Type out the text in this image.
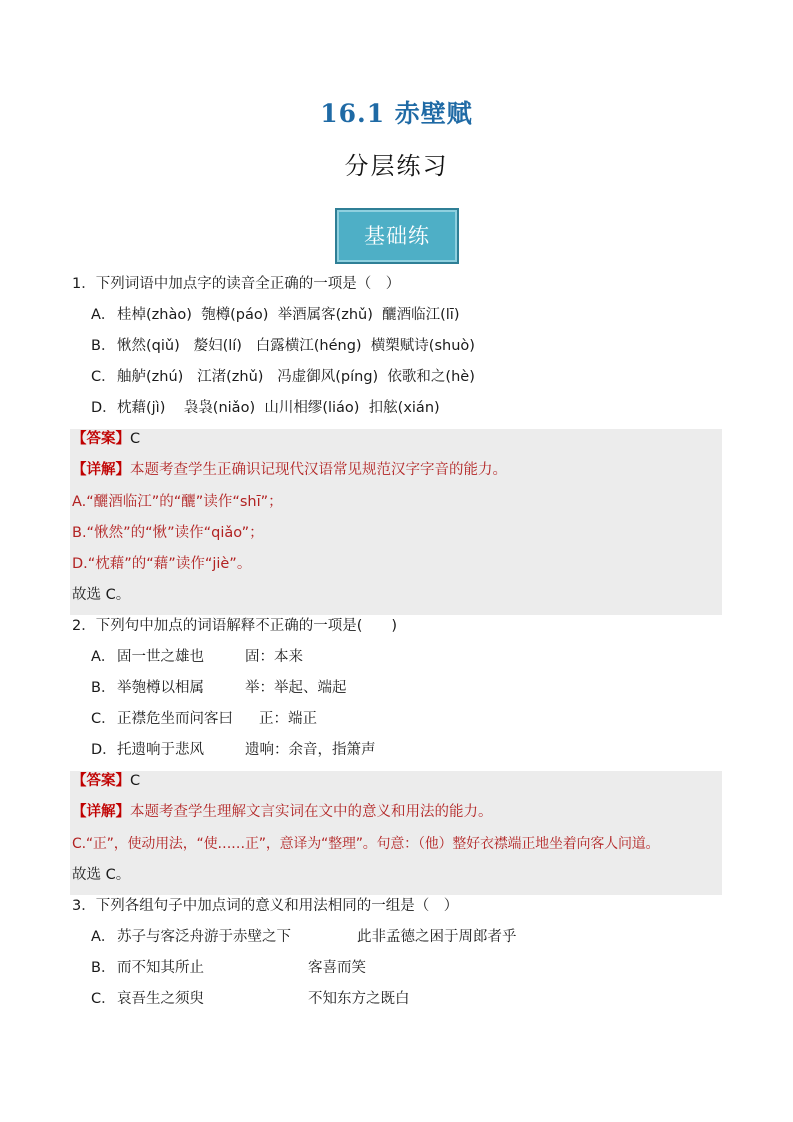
16.1 赤壁赋
分层练习
基础练
1．下列词语中加点字的读音全正确的一项是（　）
A． 桂棹(zhào)  匏樽(páo)  举酒属客(zhǔ)  釃酒临江(lī)
B． 愀然(qiǔ)   嫠妇(lí)   白露横江(héng)  横槊赋诗(shuò)
C．舳舻(zhú)   江渚(zhǔ)   冯虚御风(píng)  依歌和之(hè)
D．枕藉(jì)    袅袅(niǎo)  山川相缪(liáo)  扣舷(xián)
【答案】C
【详解】本题考查学生正确识记现代汉语常见规范汉字字音的能力。
A.“釃酒临江”的“釃”读作“shī”；
B.“愀然”的“愀”读作“qiǎo”；
D.“枕藉”的“藉”读作“jiè”。
故选 C。
2．下列句中加点的词语解释不正确的一项是(　　)
A． 固一世之雄也	固：本来
B． 举匏樽以相属	举：举起、端起
C．正襟危坐而问客曰 正：端正
D．托遗响于悲风	遗响：余音，指箫声
【答案】C
【详解】本题考查学生理解文言实词在文中的意义和用法的能力。
C.“正”，使动用法，“使……正”，意译为“整理”。句意：（他）整好衣襟端正地坐着向客人问道。
故选 C。
3．下列各组句子中加点词的意义和用法相同的一组是（　）
A． 苏子与客泛舟游于赤壁之下	此非孟德之困于周郎者乎
B． 而不知其所止	客喜而笑
C．哀吾生之须臾	不知东方之既白
